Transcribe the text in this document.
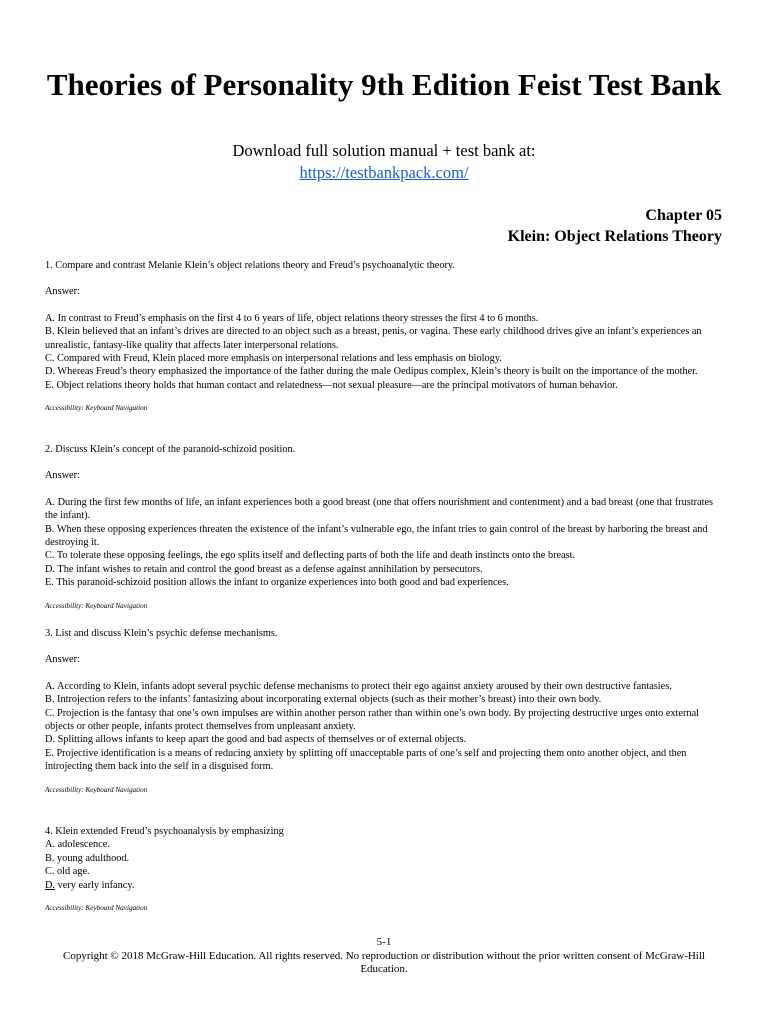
Theories of Personality 9th Edition Feist Test Bank
Download full solution manual + test bank at:
https://testbankpack.com/
Chapter 05
Klein: Object Relations Theory

1. Compare and contrast Melanie Klein’s object relations theory and Freud’s psychoanalytic theory.

Answer:

A. In contrast to Freud’s emphasis on the first 4 to 6 years of life, object relations theory stresses the first 4 to 6 months.

B. Klein believed that an infant’s drives are directed to an object such as a breast, penis, or vagina. These early childhood drives give an infant’s experiences an unrealistic, fantasy-like quality that affects later interpersonal relations.

C. Compared with Freud, Klein placed more emphasis on interpersonal relations and less emphasis on biology.

D. Whereas Freud’s theory emphasized the importance of the father during the male Oedipus complex, Klein’s theory is built on the importance of the mother.

E. Object relations theory holds that human contact and relatedness—not sexual pleasure—are the principal motivators of human behavior.

Accessibility: Keyboard Navigation

2. Discuss Klein’s concept of the paranoid-schizoid position.

Answer:

A. During the first few months of life, an infant experiences both a good breast (one that offers nourishment and contentment) and a bad breast (one that frustrates the infant).

B. When these opposing experiences threaten the existence of the infant’s vulnerable ego, the infant tries to gain control of the breast by harboring the breast and destroying it.

C. To tolerate these opposing feelings, the ego splits itself and deflecting parts of both the life and death instincts onto the breast.

D. The infant wishes to retain and control the good breast as a defense against annihilation by persecutors.

E. This paranoid-schizoid position allows the infant to organize experiences into both good and bad experiences.

Accessibility: Keyboard Navigation

3. List and discuss Klein’s psychic defense mechanisms.

Answer:

A. According to Klein, infants adopt several psychic defense mechanisms to protect their ego against anxiety aroused by their own destructive fantasies.

B. Introjection refers to the infants’ fantasizing about incorporating external objects (such as their mother’s breast) into their own body.

C. Projection is the fantasy that one’s own impulses are within another person rather than within one’s own body. By projecting destructive urges onto external objects or other people, infants protect themselves from unpleasant anxiety.

D. Splitting allows infants to keep apart the good and bad aspects of themselves or of external objects.

E. Projective identification is a means of reducing anxiety by splitting off unacceptable parts of one’s self and projecting them onto another object, and then introjecting them back into the self in a disguised form.

Accessibility: Keyboard Navigation

4. Klein extended Freud’s psychoanalysis by emphasizing

A. adolescence.

B. young adulthood.

C. old age.

D. very early infancy.

Accessibility: Keyboard Navigation

5-1
Copyright © 2018 McGraw-Hill Education. All rights reserved. No reproduction or distribution without the prior written consent of McGraw-Hill Education.
